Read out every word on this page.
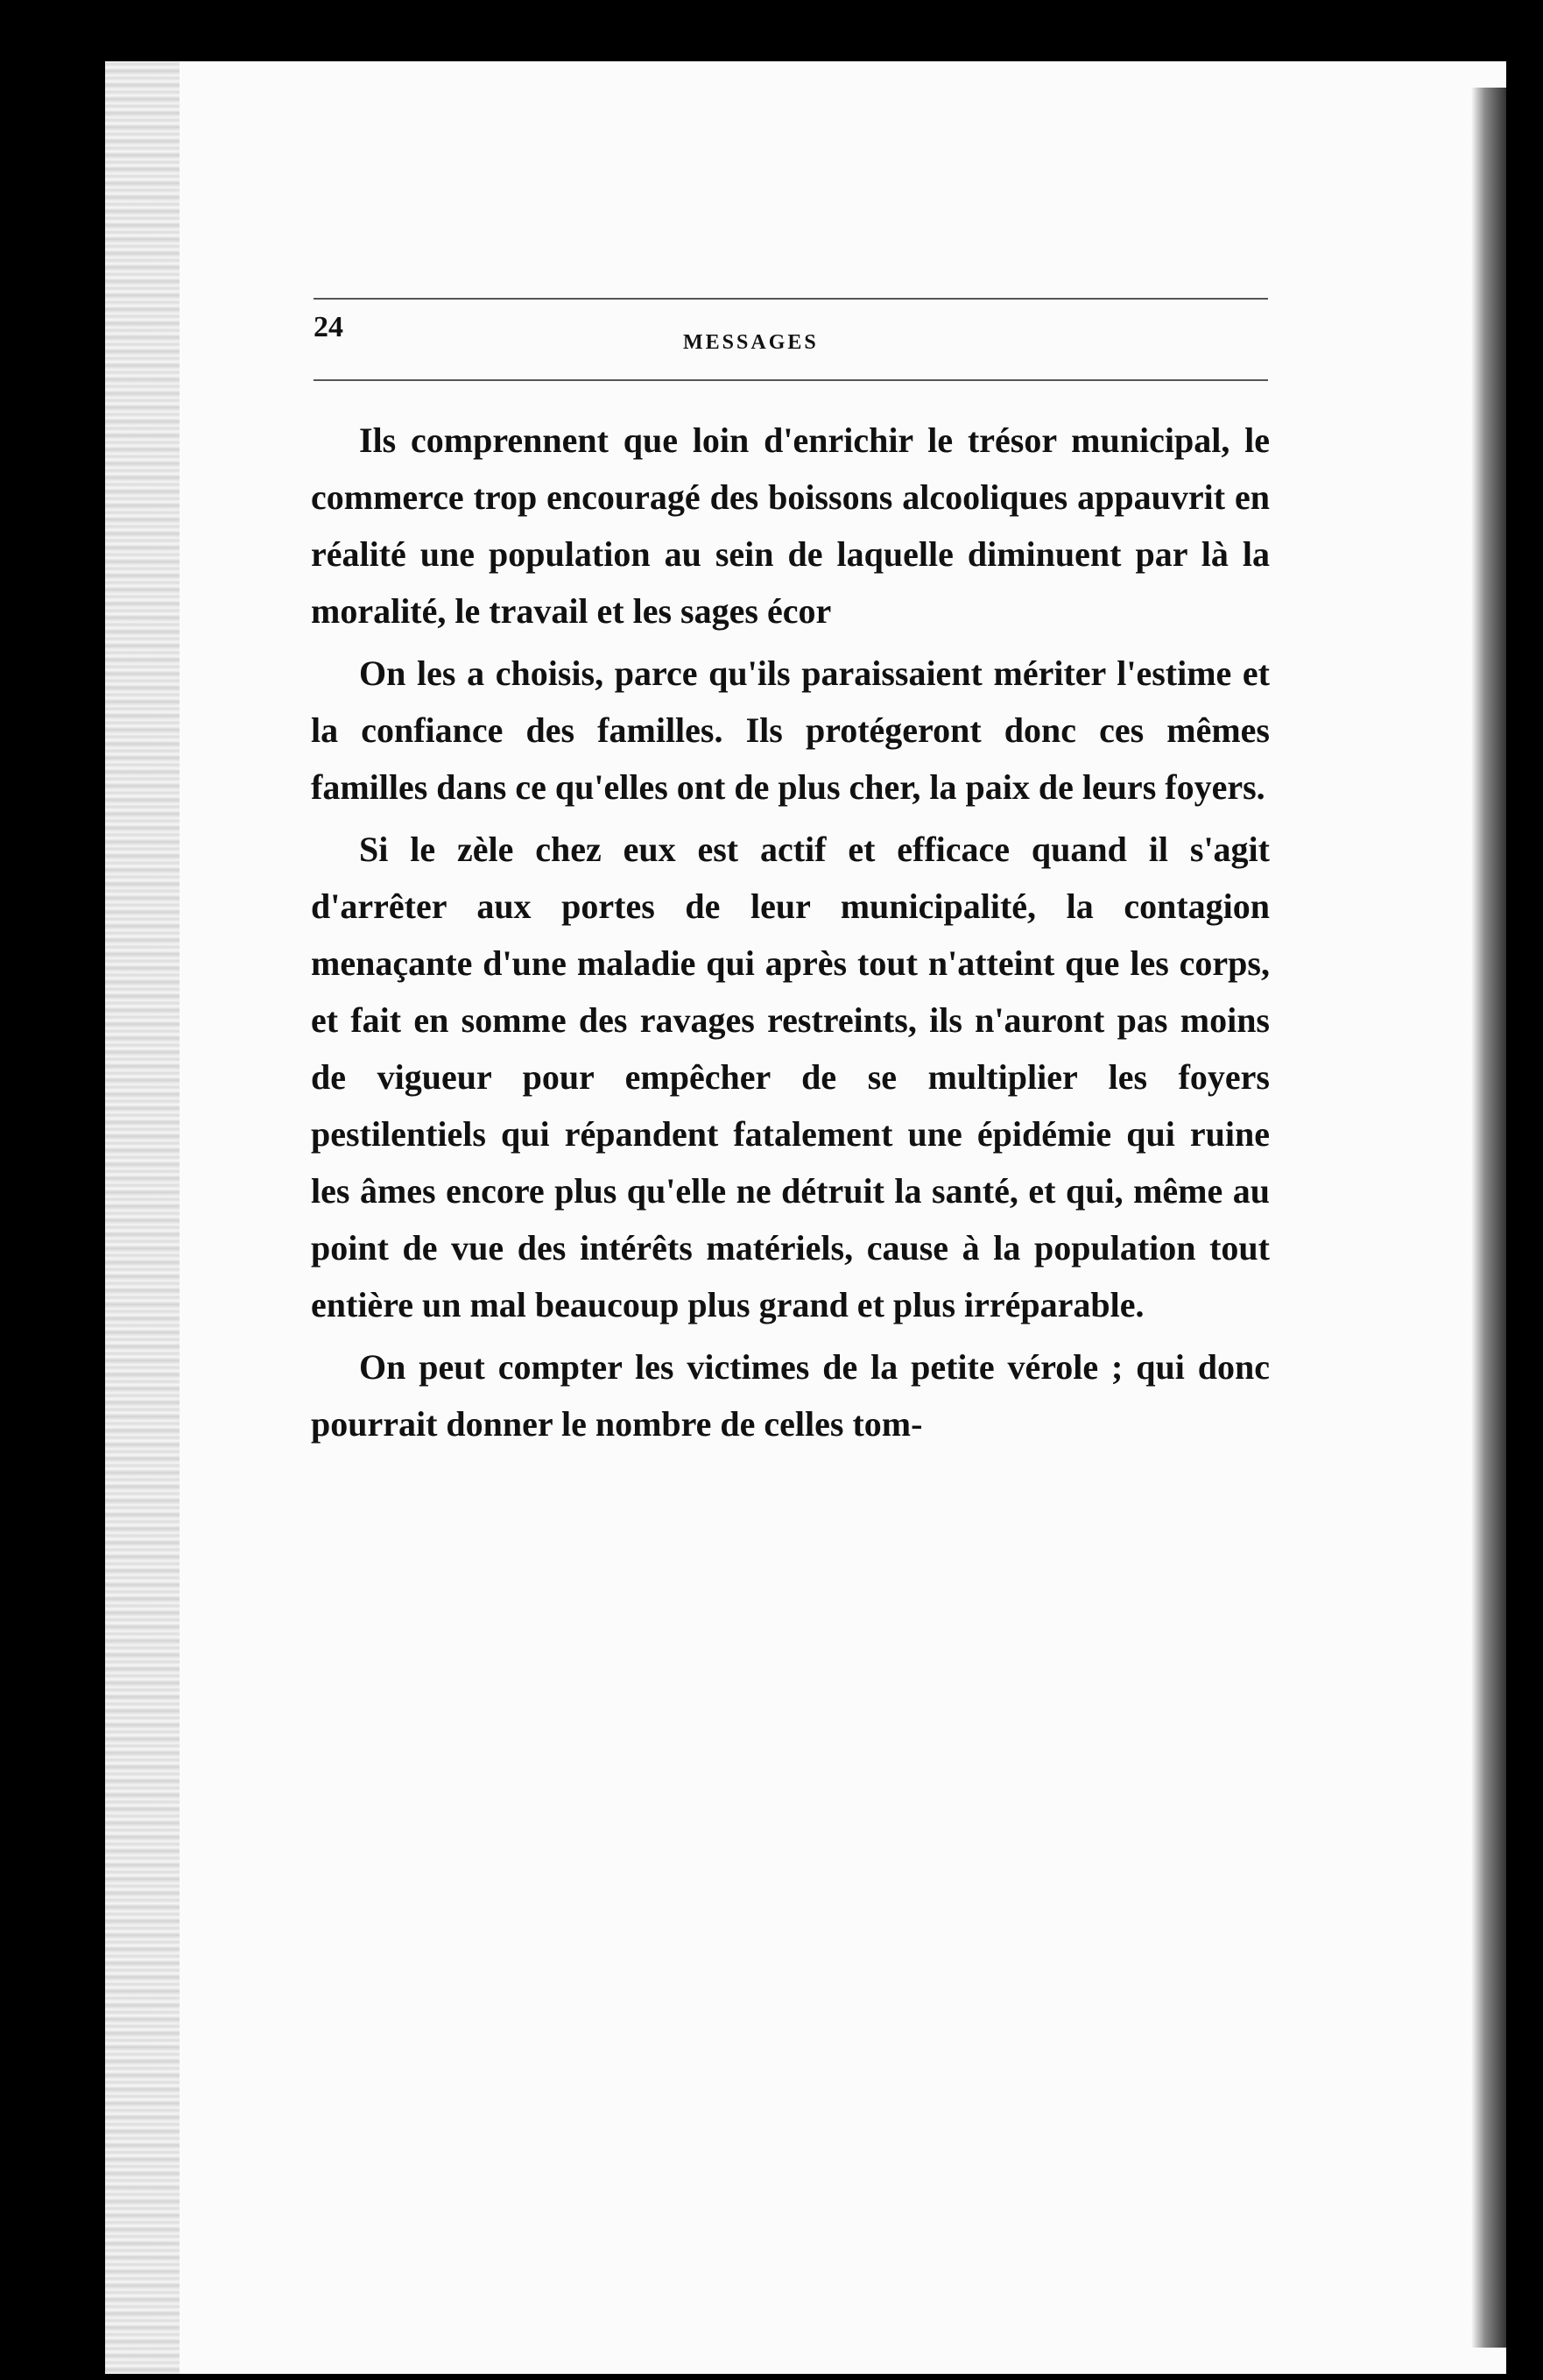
24	MESSAGES

Ils comprennent que loin d'enrichir le trésor municipal, le commerce trop encouragé des boissons alcooliques appauvrit en réalité une population au sein de laquelle diminuent par là la moralité, le travail et les sages écor

On les a choisis, parce qu'ils paraissaient mériter l'estime et la confiance des familles. Ils protégeront donc ces mêmes familles dans ce qu'elles ont de plus cher, la paix de leurs foyers.

Si le zèle chez eux est actif et efficace quand il s'agit d'arrêter aux portes de leur municipalité, la contagion menaçante d'une maladie qui après tout n'atteint que les corps, et fait en somme des ravages restreints, ils n'auront pas moins de vigueur pour empêcher de se multiplier les foyers pestilentiels qui répandent fatalement une épidémie qui ruine les âmes encore plus qu'elle ne détruit la santé, et qui, même au point de vue des intérêts matériels, cause à la population tout entière un mal beaucoup plus grand et plus irréparable.

On peut compter les victimes de la petite vérole ; qui donc pourrait donner le nombre de celles tom-
